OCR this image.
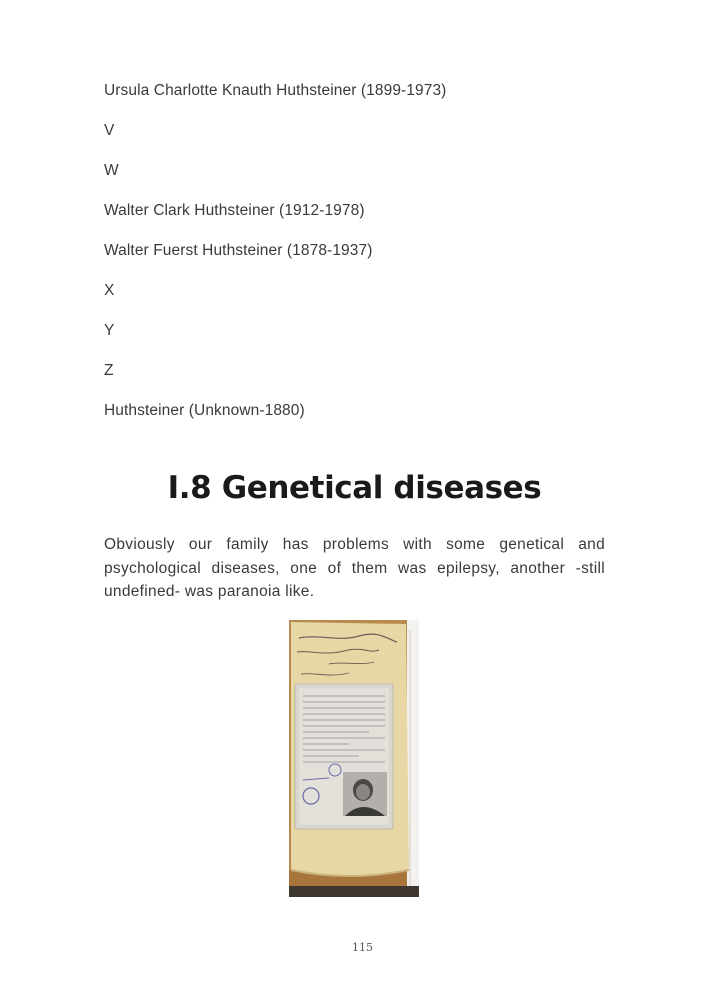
Ursula Charlotte Knauth Huthsteiner (1899-1973)
V
W
Walter Clark Huthsteiner (1912-1978)
Walter Fuerst Huthsteiner (1878-1937)
X
Y
Z
Huthsteiner (Unknown-1880)
I.8 Genetical diseases

Obviously our family has problems with some genetical and psychological diseases, one of them was epilepsy, another -still undefined- was paranoia like.

115
